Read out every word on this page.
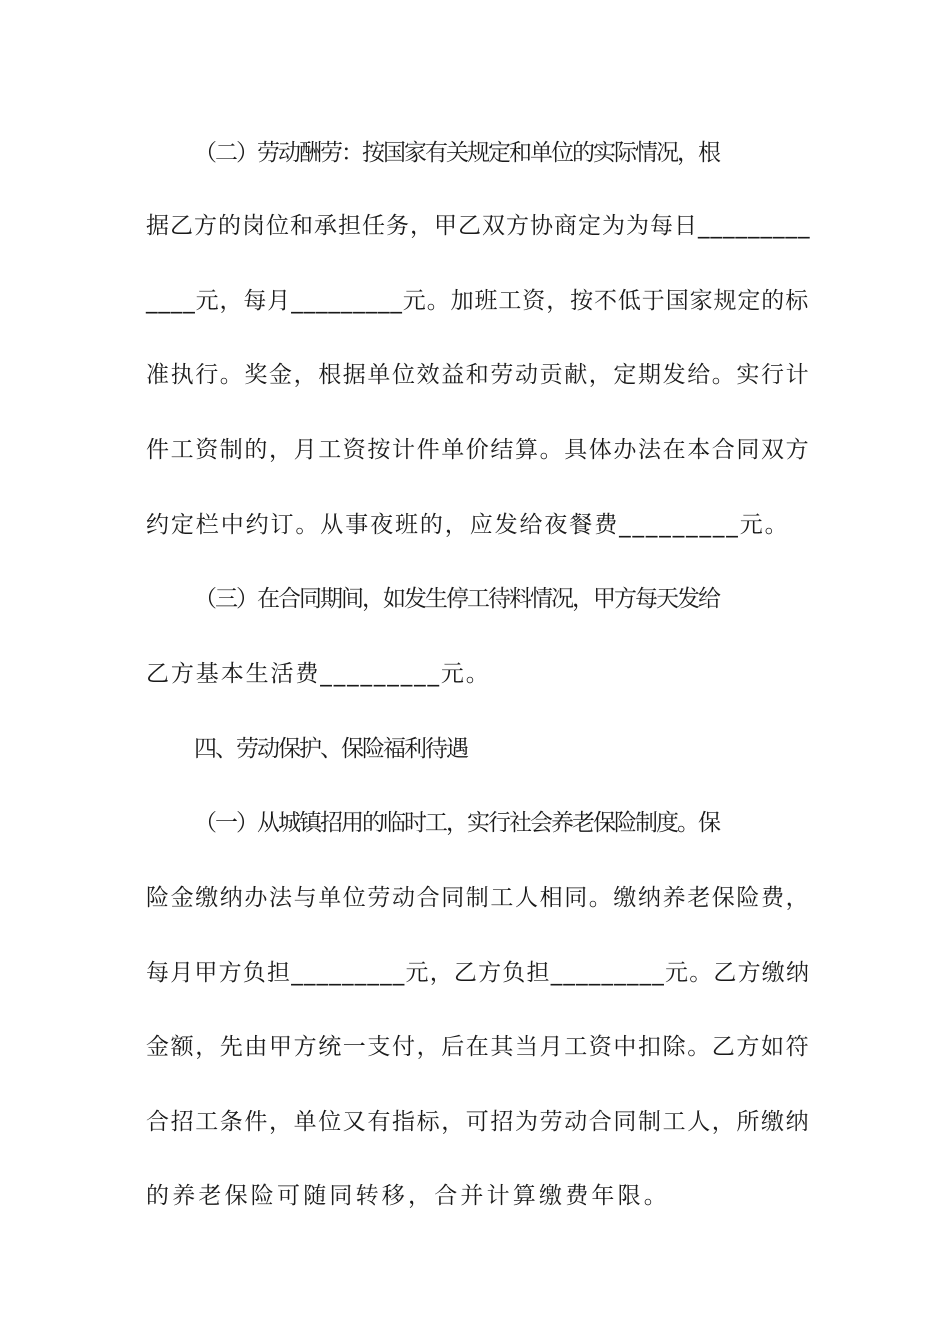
（二）劳动酬劳：按国家有关规定和单位的实际情况，根
据乙方的岗位和承担任务，甲乙双方协商定为为每日_________
____元，每月_________元。加班工资，按不低于国家规定的标
准执行。奖金，根据单位效益和劳动贡献，定期发给。实行计
件工资制的，月工资按计件单价结算。具体办法在本合同双方
约定栏中约订。从事夜班的，应发给夜餐费_________元。
（三）在合同期间，如发生停工待料情况，甲方每天发给
乙方基本生活费_________元。
四、劳动保护、保险福利待遇
（一）从城镇招用的临时工，实行社会养老保险制度。保
险金缴纳办法与单位劳动合同制工人相同。缴纳养老保险费，
每月甲方负担_________元，乙方负担_________元。乙方缴纳
金额，先由甲方统一支付，后在其当月工资中扣除。乙方如符
合招工条件，单位又有指标，可招为劳动合同制工人，所缴纳
的养老保险可随同转移，合并计算缴费年限。
